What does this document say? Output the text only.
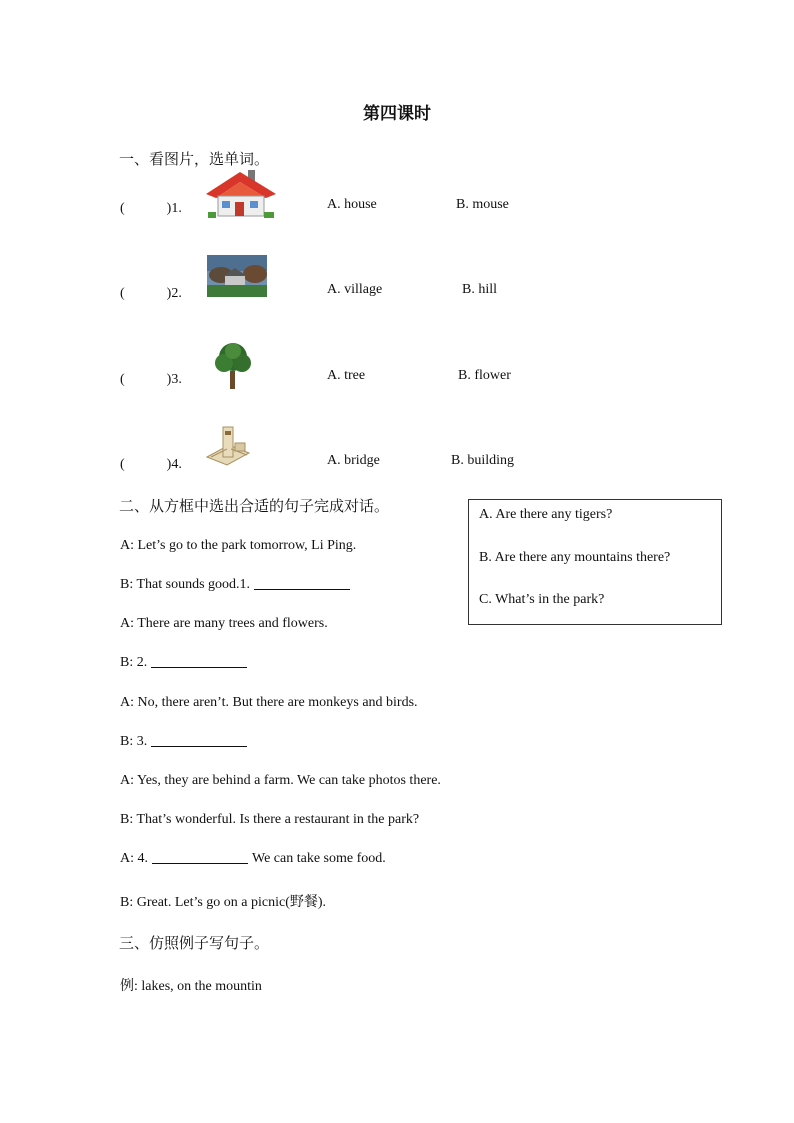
第四课时
一、看图片，选单词。
(　　　)1.	A. house	B. mouse
(　　　)2.	A. village	B. hill
(　　　)3.	A. tree	B. flower
(　　　)4.	A. bridge	B. building
二、从方框中选出合适的句子完成对话。	A. Are there any tigers?
B. Are there any mountains there?
C. What’s in the park?
A: Let’s go to the park tomorrow, Li Ping.
B: That sounds good.1.
A: There are many trees and flowers.
B: 2.
A: No, there aren’t. But there are monkeys and birds.
B: 3.
A: Yes, they are behind a farm. We can take photos there.
B: That’s wonderful. Is there a restaurant in the park?
A: 4.	We can take some food.
B: Great. Let’s go on a picnic(野餐).
三、仿照例子写句子。
例: lakes, on the mountin
